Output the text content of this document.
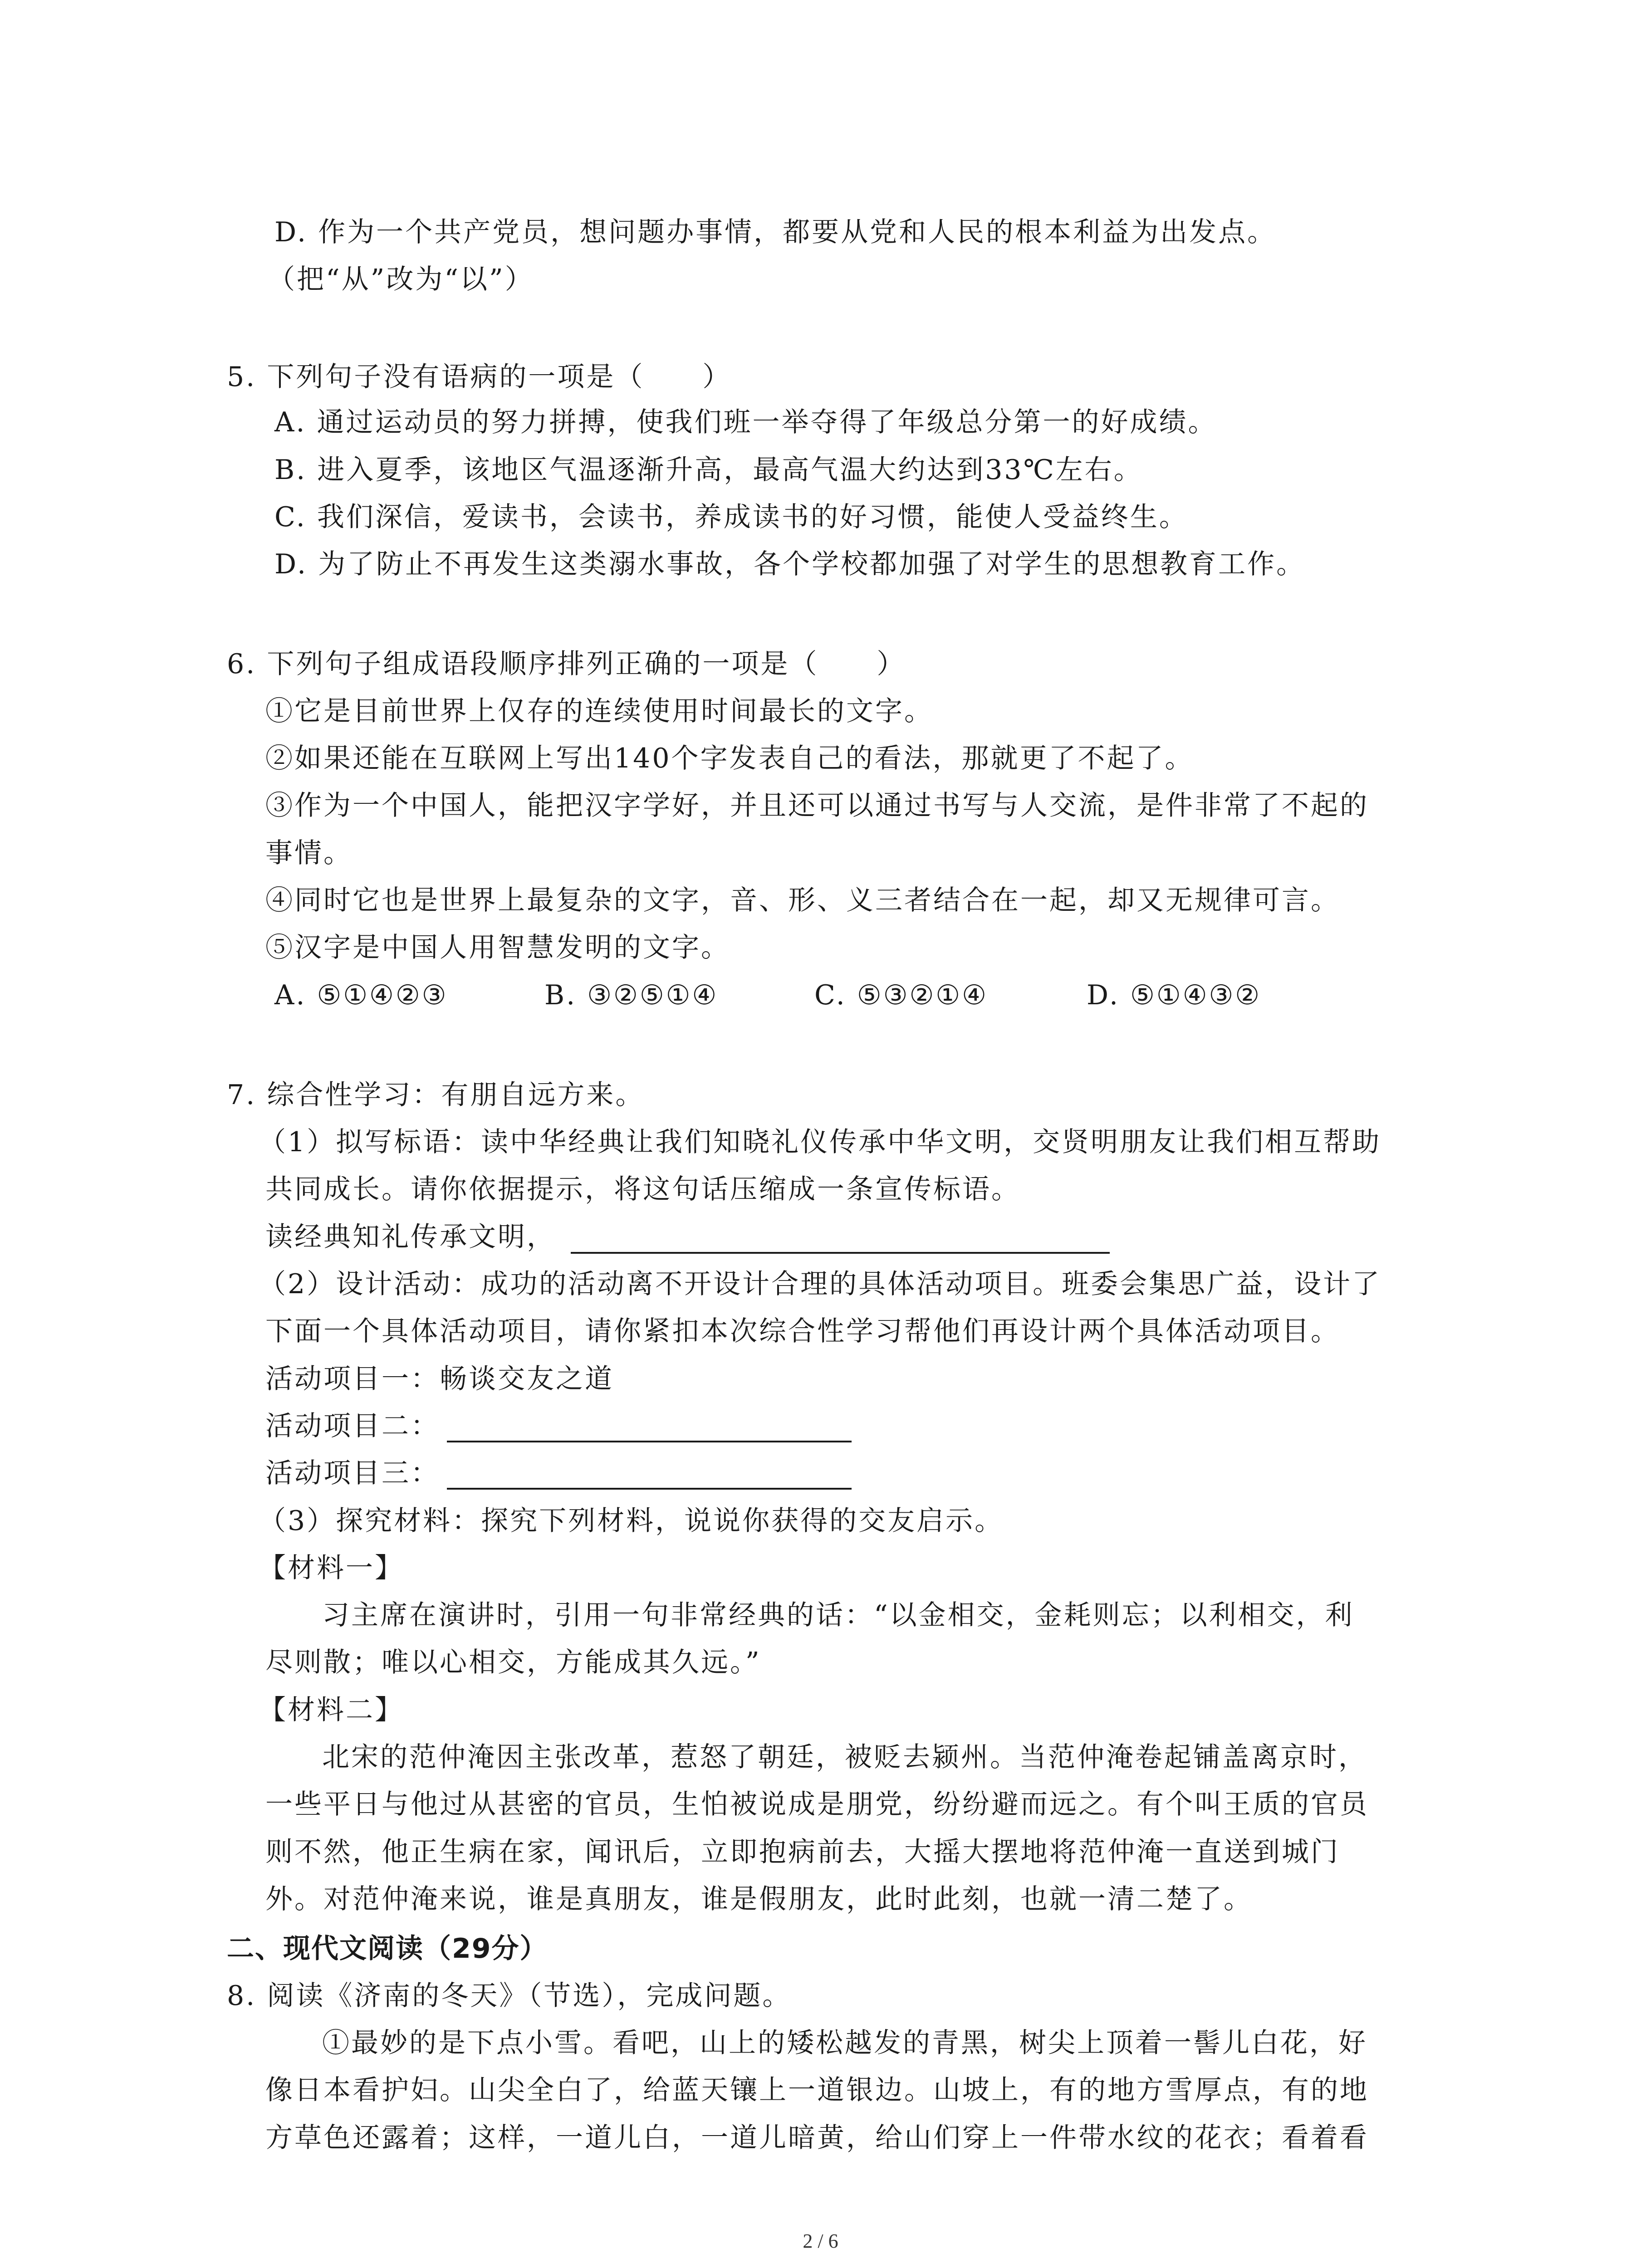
D. 作为一个共产党员，想问题办事情，都要从党和人民的根本利益为出发点。
（把“从”改为“以”）
5. 下列句子没有语病的一项是（　　）
A. 通过运动员的努力拼搏，使我们班一举夺得了年级总分第一的好成绩。
B. 进入夏季，该地区气温逐渐升高，最高气温大约达到33℃左右。
C. 我们深信，爱读书，会读书，养成读书的好习惯，能使人受益终生。
D. 为了防止不再发生这类溺水事故，各个学校都加强了对学生的思想教育工作。
6. 下列句子组成语段顺序排列正确的一项是（　　）
①它是目前世界上仅存的连续使用时间最长的文字。
②如果还能在互联网上写出140个字发表自己的看法，那就更了不起了。
③作为一个中国人，能把汉字学好，并且还可以通过书写与人交流，是件非常了不起的
事情。
④同时它也是世界上最复杂的文字，音、形、义三者结合在一起，却又无规律可言。
⑤汉字是中国人用智慧发明的文字。
A. ⑤①④②③	B. ③②⑤①④	C. ⑤③②①④	D. ⑤①④③②
7. 综合性学习：有朋自远方来。
（1）拟写标语：读中华经典让我们知晓礼仪传承中华文明，交贤明朋友让我们相互帮助
共同成长。请你依据提示，将这句话压缩成一条宣传标语。
读经典知礼传承文明，
（2）设计活动：成功的活动离不开设计合理的具体活动项目。班委会集思广益，设计了
下面一个具体活动项目，请你紧扣本次综合性学习帮他们再设计两个具体活动项目。
活动项目一：畅谈交友之道
活动项目二：
活动项目三：
（3）探究材料：探究下列材料，说说你获得的交友启示。
【材料一】
习主席在演讲时，引用一句非常经典的话：“以金相交，金耗则忘；以利相交，利
尽则散；唯以心相交，方能成其久远。”
【材料二】
北宋的范仲淹因主张改革，惹怒了朝廷，被贬去颍州。当范仲淹卷起铺盖离京时，
一些平日与他过从甚密的官员，生怕被说成是朋党，纷纷避而远之。有个叫王质的官员
则不然，他正生病在家，闻讯后，立即抱病前去，大摇大摆地将范仲淹一直送到城门
外。对范仲淹来说，谁是真朋友，谁是假朋友，此时此刻，也就一清二楚了。
二、现代文阅读（29分）
8. 阅读《济南的冬天》（节选），完成问题。
①最妙的是下点小雪。看吧，山上的矮松越发的青黑，树尖上顶着一髻儿白花，好
像日本看护妇。山尖全白了，给蓝天镶上一道银边。山坡上，有的地方雪厚点，有的地
方草色还露着；这样，一道儿白，一道儿暗黄，给山们穿上一件带水纹的花衣；看着看
2 / 6
